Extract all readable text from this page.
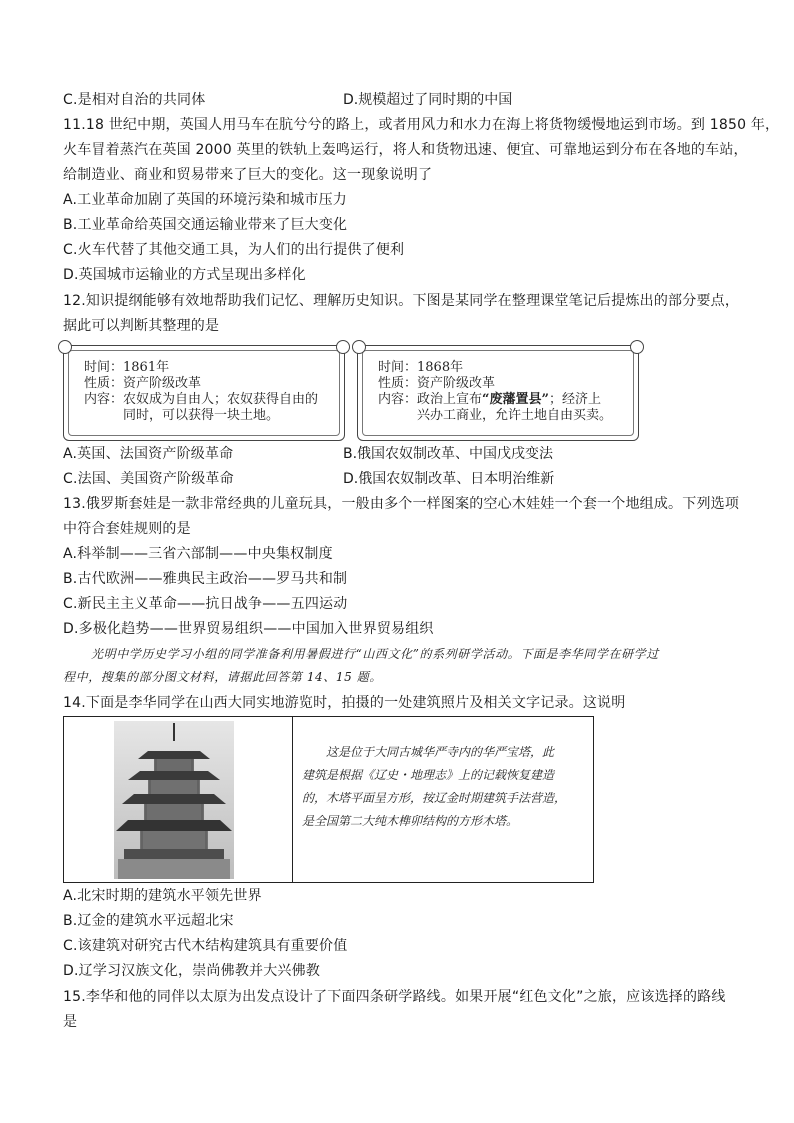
C.是相对自治的共同体	D.规模超过了同时期的中国
11.18 世纪中期，英国人用马车在肮兮兮的路上，或者用风力和水力在海上将货物缓慢地运到市场。到 1850 年，
火车冒着蒸汽在英国 2000 英里的铁轨上轰鸣运行，将人和货物迅速、便宜、可靠地运到分布在各地的车站，
给制造业、商业和贸易带来了巨大的变化。这一现象说明了
A.工业革命加剧了英国的环境污染和城市压力
B.工业革命给英国交通运输业带来了巨大变化
C.火车代替了其他交通工具，为人们的出行提供了便利
D.英国城市运输业的方式呈现出多样化
12.知识提纲能够有效地帮助我们记忆、理解历史知识。下图是某同学在整理课堂笔记后提炼出的部分要点，
据此可以判断其整理的是
时间：1861年
性质：资产阶级改革
内容：农奴成为自由人；农奴获得自由的
同时，可以获得一块土地。
时间：1868年
性质：资产阶级改革
内容：政治上宣布“废藩置县”；经济上
兴办工商业，允许土地自由买卖。
A.英国、法国资产阶级革命	B.俄国农奴制改革、中国戊戌变法
C.法国、美国资产阶级革命	D.俄国农奴制改革、日本明治维新
13.俄罗斯套娃是一款非常经典的儿童玩具，一般由多个一样图案的空心木娃娃一个套一个地组成。下列选项
中符合套娃规则的是
A.科举制——三省六部制——中央集权制度
B.古代欧洲——雅典民主政治——罗马共和制
C.新民主主义革命——抗日战争——五四运动
D.多极化趋势——世界贸易组织——中国加入世界贸易组织
光明中学历史学习小组的同学准备利用暑假进行“山西文化”的系列研学活动。下面是李华同学在研学过
程中，搜集的部分图文材料，请据此回答第 14、15 题。
14.下面是李华同学在山西大同实地游览时，拍摄的一处建筑照片及相关文字记录。这说明
这是位于大同古城华严寺内的华严宝塔，此
建筑是根据《辽史・地理志》上的记载恢复建造
的，木塔平面呈方形，按辽金时期建筑手法营造，
是全国第二大纯木榫卯结构的方形木塔。
A.北宋时期的建筑水平领先世界
B.辽金的建筑水平远超北宋
C.该建筑对研究古代木结构建筑具有重要价值
D.辽学习汉族文化，崇尚佛教并大兴佛教
15.李华和他的同伴以太原为出发点设计了下面四条研学路线。如果开展“红色文化”之旅，应该选择的路线
是
